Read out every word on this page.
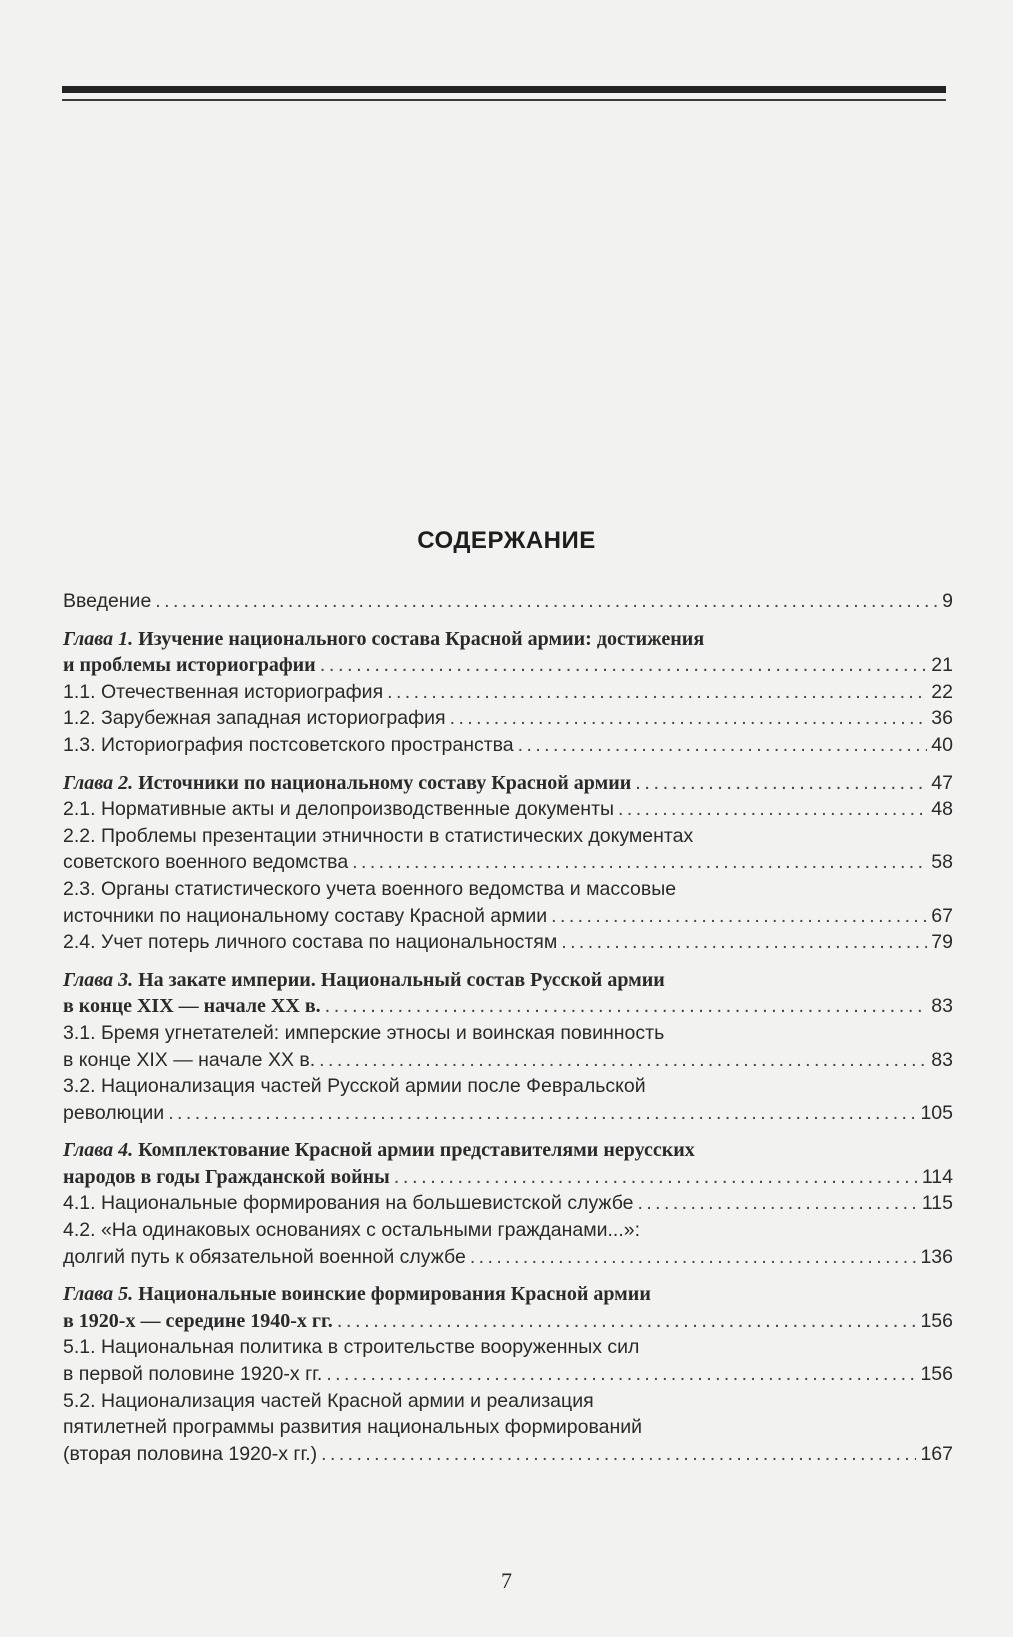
СОДЕРЖАНИЕ
Введение . . .	9
Глава 1. Изучение национального состава Красной армии: достижения
и проблемы историографии . . .	21
1.1. Отечественная историография . . .	22
1.2. Зарубежная западная историография . . .	36
1.3. Историография постсоветского пространства . . .	40
Глава 2. Источники по национальному составу Красной армии . . .	47
2.1. Нормативные акты и делопроизводственные документы . . .	48
2.2. Проблемы презентации этничности в статистических документах
советского военного ведомства . . .	58
2.3. Органы статистического учета военного ведомства и массовые
источники по национальному составу Красной армии . . .	67
2.4. Учет потерь личного состава по национальностям . . .	79
Глава 3. На закате империи. Национальный состав Русской армии
в конце XIX — начале XX в. . . .	83
3.1. Бремя угнетателей: имперские этносы и воинская повинность
в конце XIX — начале XX в. . . .	83
3.2. Национализация частей Русской армии после Февральской
революции . . .	105
Глава 4. Комплектование Красной армии представителями нерусских
народов в годы Гражданской войны . . .	114
4.1. Национальные формирования на большевистской службе . . .	115
4.2. «На одинаковых основаниях с остальными гражданами...»:
долгий путь к обязательной военной службе . . .	136
Глава 5. Национальные воинские формирования Красной армии
в 1920-х — середине 1940-х гг. . . .	156
5.1. Национальная политика в строительстве вооруженных сил
в первой половине 1920-х гг. . . .	156
5.2. Национализация частей Красной армии и реализация
пятилетней программы развития национальных формирований
(вторая половина 1920-х гг.) . . .	167
7
